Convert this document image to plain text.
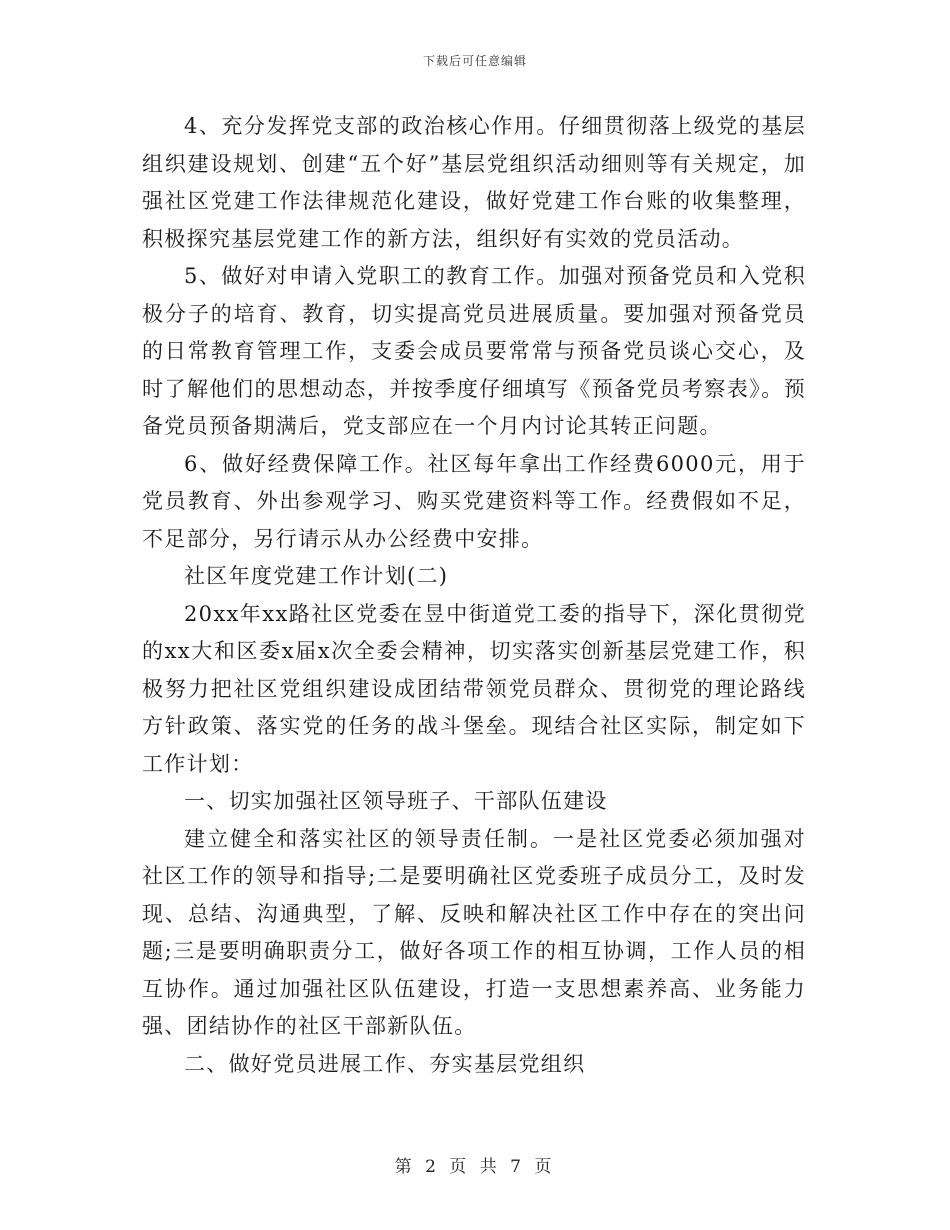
下载后可任意编辑

4、充分发挥党支部的政治核心作用。仔细贯彻落上级党的基层组织建设规划、创建“五个好”基层党组织活动细则等有关规定，加强社区党建工作法律规范化建设，做好党建工作台账的收集整理，积极探究基层党建工作的新方法，组织好有实效的党员活动。

5、做好对申请入党职工的教育工作。加强对预备党员和入党积极分子的培育、教育，切实提高党员进展质量。要加强对预备党员的日常教育管理工作，支委会成员要常常与预备党员谈心交心，及时了解他们的思想动态，并按季度仔细填写《预备党员考察表》。预备党员预备期满后，党支部应在一个月内讨论其转正问题。

6、做好经费保障工作。社区每年拿出工作经费6000元，用于党员教育、外出参观学习、购买党建资料等工作。经费假如不足，不足部分，另行请示从办公经费中安排。

社区年度党建工作计划(二)

20xx年xx路社区党委在昱中街道党工委的指导下，深化贯彻党的xx大和区委x届x次全委会精神，切实落实创新基层党建工作，积极努力把社区党组织建设成团结带领党员群众、贯彻党的理论路线方针政策、落实党的任务的战斗堡垒。现结合社区实际，制定如下工作计划：

一、切实加强社区领导班子、干部队伍建设

建立健全和落实社区的领导责任制。一是社区党委必须加强对社区工作的领导和指导;二是要明确社区党委班子成员分工，及时发现、总结、沟通典型，了解、反映和解决社区工作中存在的突出问题;三是要明确职责分工，做好各项工作的相互协调，工作人员的相互协作。通过加强社区队伍建设，打造一支思想素养高、业务能力强、团结协作的社区干部新队伍。

二、做好党员进展工作、夯实基层党组织

第 2 页 共 7 页
